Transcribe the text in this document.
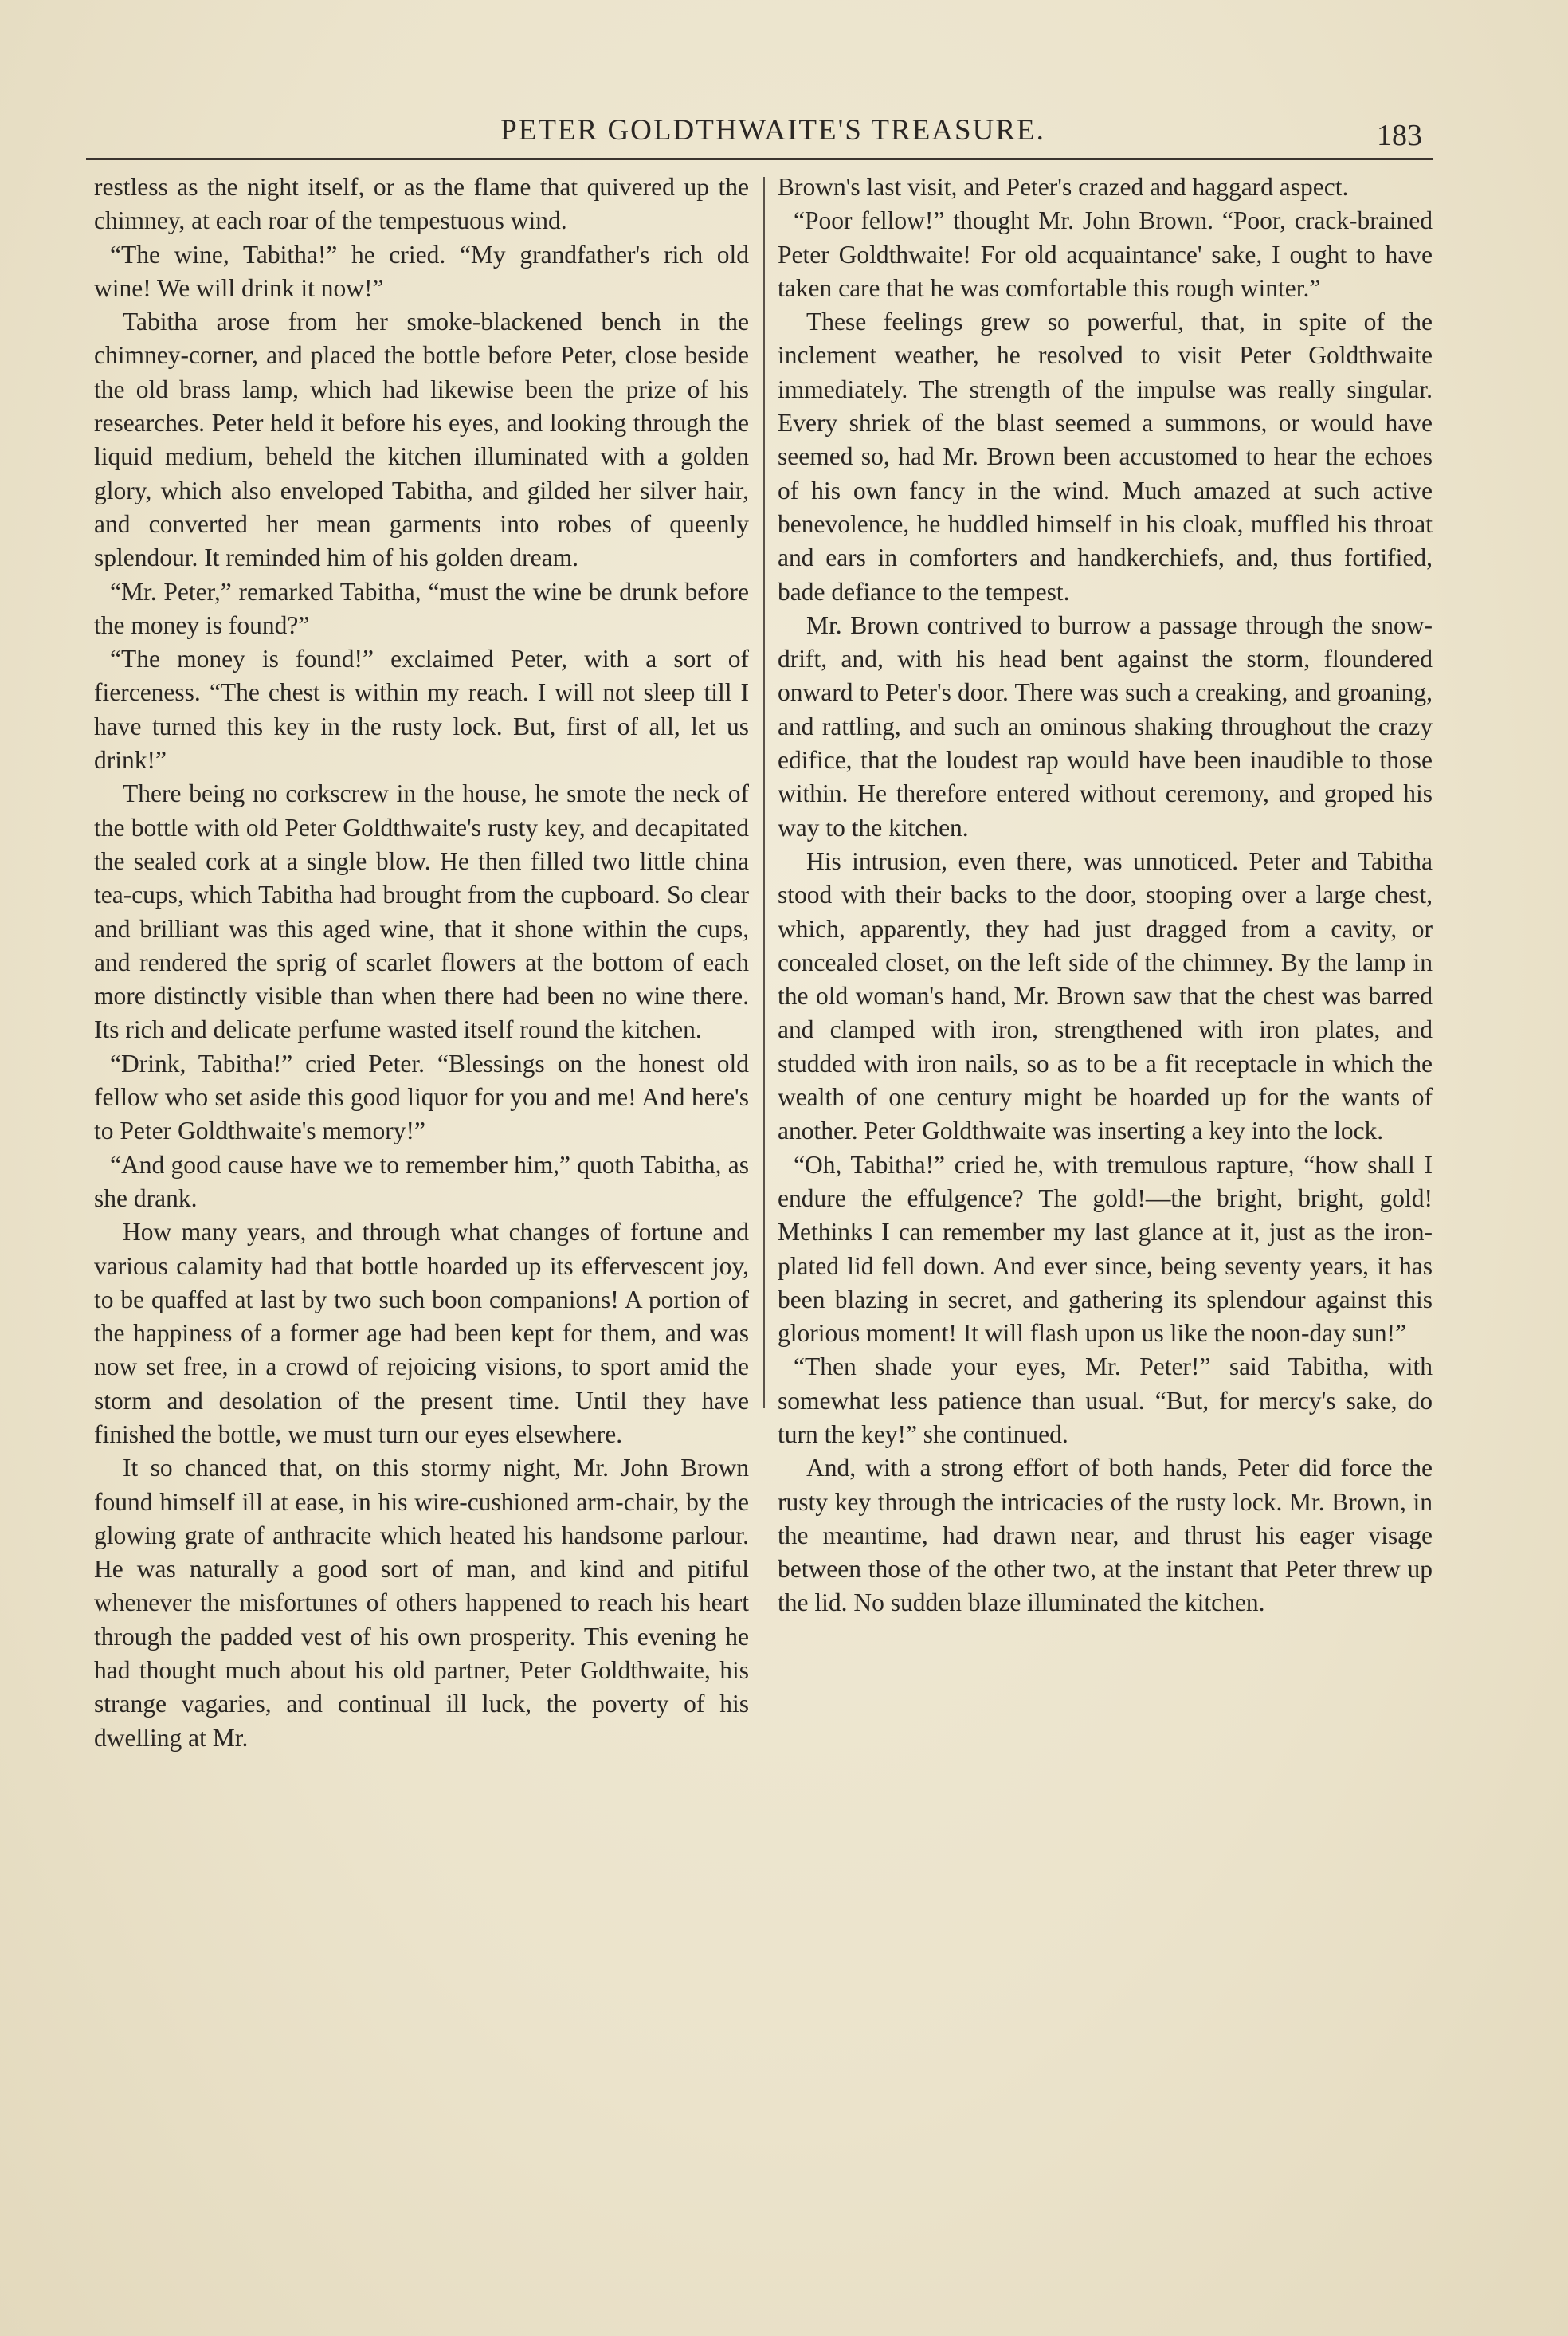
PETER GOLDTHWAITE'S TREASURE.	183

restless as the night itself, or as the flame that quivered up the chimney, at each roar of the tempestuous wind.

“The wine, Tabitha!” he cried. “My grandfather's rich old wine! We will drink it now!”

Tabitha arose from her smoke-blackened bench in the chimney-corner, and placed the bottle before Peter, close beside the old brass lamp, which had likewise been the prize of his researches. Peter held it before his eyes, and looking through the liquid medium, beheld the kitchen illuminated with a golden glory, which also enveloped Tabitha, and gilded her silver hair, and converted her mean garments into robes of queenly splendour. It reminded him of his golden dream.

“Mr. Peter,” remarked Tabitha, “must the wine be drunk before the money is found?”

“The money is found!” exclaimed Peter, with a sort of fierceness. “The chest is within my reach. I will not sleep till I have turned this key in the rusty lock. But, first of all, let us drink!”

There being no corkscrew in the house, he smote the neck of the bottle with old Peter Goldthwaite's rusty key, and decapitated the sealed cork at a single blow. He then filled two little china tea-cups, which Tabitha had brought from the cupboard. So clear and brilliant was this aged wine, that it shone within the cups, and rendered the sprig of scarlet flowers at the bottom of each more distinctly visible than when there had been no wine there. Its rich and delicate perfume wasted itself round the kitchen.

“Drink, Tabitha!” cried Peter. “Blessings on the honest old fellow who set aside this good liquor for you and me! And here's to Peter Goldthwaite's memory!”

“And good cause have we to remember him,” quoth Tabitha, as she drank.

How many years, and through what changes of fortune and various calamity had that bottle hoarded up its effervescent joy, to be quaffed at last by two such boon companions! A portion of the happiness of a former age had been kept for them, and was now set free, in a crowd of rejoicing visions, to sport amid the storm and desolation of the present time. Until they have finished the bottle, we must turn our eyes elsewhere.

It so chanced that, on this stormy night, Mr. John Brown found himself ill at ease, in his wire-cushioned arm-chair, by the glowing grate of anthracite which heated his handsome parlour. He was naturally a good sort of man, and kind and pitiful whenever the misfortunes of others happened to reach his heart through the padded vest of his own prosperity. This evening he had thought much about his old partner, Peter Goldthwaite, his strange vagaries, and continual ill luck, the poverty of his dwelling at Mr.

Brown's last visit, and Peter's crazed and haggard aspect.

“Poor fellow!” thought Mr. John Brown. “Poor, crack-brained Peter Goldthwaite! For old acquaintance' sake, I ought to have taken care that he was comfortable this rough winter.”

These feelings grew so powerful, that, in spite of the inclement weather, he resolved to visit Peter Goldthwaite immediately. The strength of the impulse was really singular. Every shriek of the blast seemed a summons, or would have seemed so, had Mr. Brown been accustomed to hear the echoes of his own fancy in the wind. Much amazed at such active benevolence, he huddled himself in his cloak, muffled his throat and ears in comforters and handkerchiefs, and, thus fortified, bade defiance to the tempest.

Mr. Brown contrived to burrow a passage through the snow-drift, and, with his head bent against the storm, floundered onward to Peter's door. There was such a creaking, and groaning, and rattling, and such an ominous shaking throughout the crazy edifice, that the loudest rap would have been inaudible to those within. He therefore entered without ceremony, and groped his way to the kitchen.

His intrusion, even there, was unnoticed. Peter and Tabitha stood with their backs to the door, stooping over a large chest, which, apparently, they had just dragged from a cavity, or concealed closet, on the left side of the chimney. By the lamp in the old woman's hand, Mr. Brown saw that the chest was barred and clamped with iron, strengthened with iron plates, and studded with iron nails, so as to be a fit receptacle in which the wealth of one century might be hoarded up for the wants of another. Peter Goldthwaite was inserting a key into the lock.

“Oh, Tabitha!” cried he, with tremulous rapture, “how shall I endure the effulgence? The gold!—the bright, bright, gold! Methinks I can remember my last glance at it, just as the iron-plated lid fell down. And ever since, being seventy years, it has been blazing in secret, and gathering its splendour against this glorious moment! It will flash upon us like the noon-day sun!”

“Then shade your eyes, Mr. Peter!” said Tabitha, with somewhat less patience than usual. “But, for mercy's sake, do turn the key!” she continued.

And, with a strong effort of both hands, Peter did force the rusty key through the intricacies of the rusty lock. Mr. Brown, in the meantime, had drawn near, and thrust his eager visage between those of the other two, at the instant that Peter threw up the lid. No sudden blaze illuminated the kitchen.
